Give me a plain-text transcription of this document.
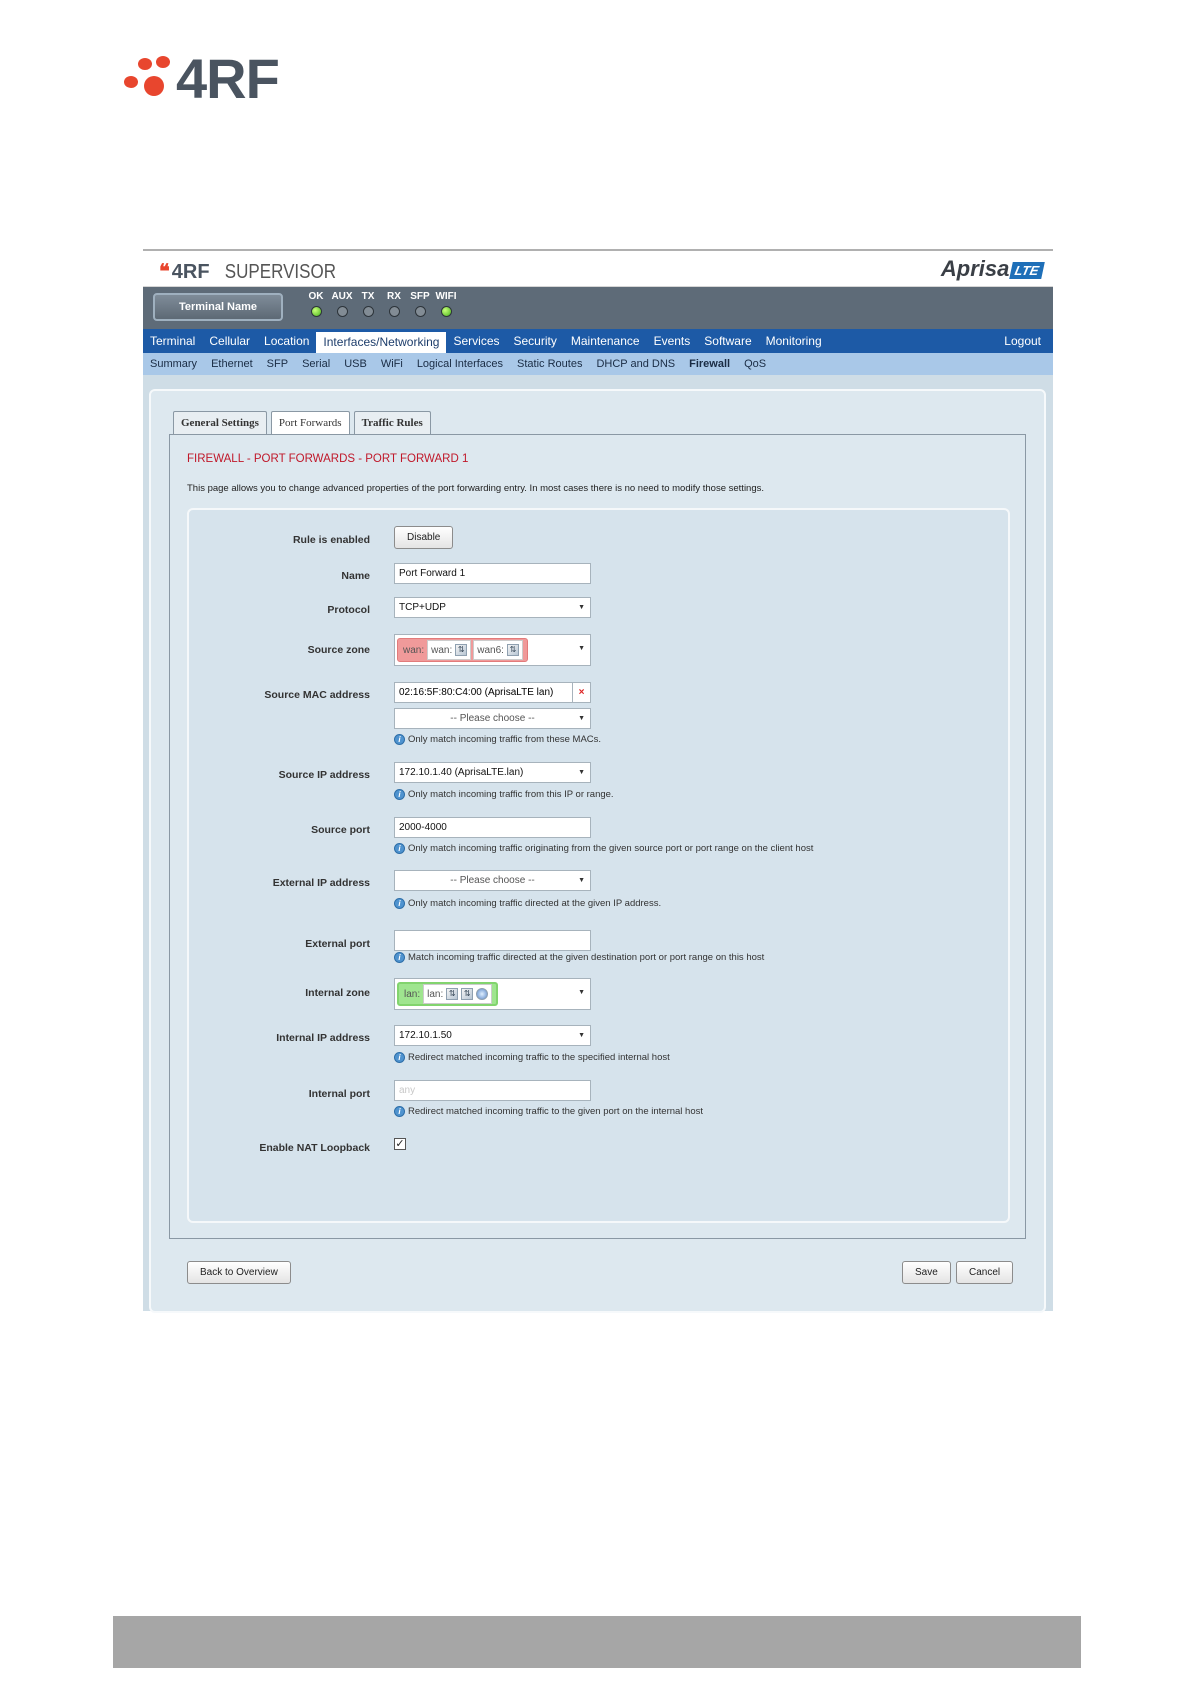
4RF
❝ 4RF SUPERVISOR	Aprisa LTE
Terminal Name
OK AUX TX	RX SFP WIFI
Terminal	Cellular	Location	Interfaces/Networking	Services	Security	Maintenance	Events	Software	Monitoring	Logout
Summary	Ethernet	SFP	Serial	USB	WiFi	Logical Interfaces	Static Routes	DHCP and DNS	Firewall	QoS
General Settings	Port Forwards	Traffic Rules
FIREWALL - PORT FORWARDS - PORT FORWARD 1
This page allows you to change advanced properties of the port forwarding entry. In most cases there is no need to modify those settings.
Rule is enabled	Disable
Name	Port Forward 1
Protocol	TCP+UDP	▼
Source zone	wan: wan: ⇅ wan6: ⇅	▼
Source MAC address	02:16:5F:80:C4:00 (AprisaLTE lan)	×
-- Please choose --	▼
i Only match incoming traffic from these MACs.
Source IP address	172.10.1.40 (AprisaLTE.lan)	▼
i Only match incoming traffic from this IP or range.
Source port	2000-4000
i Only match incoming traffic originating from the given source port or port range on the client host
External IP address	-- Please choose --	▼
i Only match incoming traffic directed at the given IP address.
External port
i Match incoming traffic directed at the given destination port or port range on this host
Internal zone	lan: lan: ⇅	⇅	▼
Internal IP address	172.10.1.50	▼
i Redirect matched incoming traffic to the specified internal host
Internal port	any
i Redirect matched incoming traffic to the given port on the internal host
Enable NAT Loopback ✓
Back to Overview	Save	Cancel
